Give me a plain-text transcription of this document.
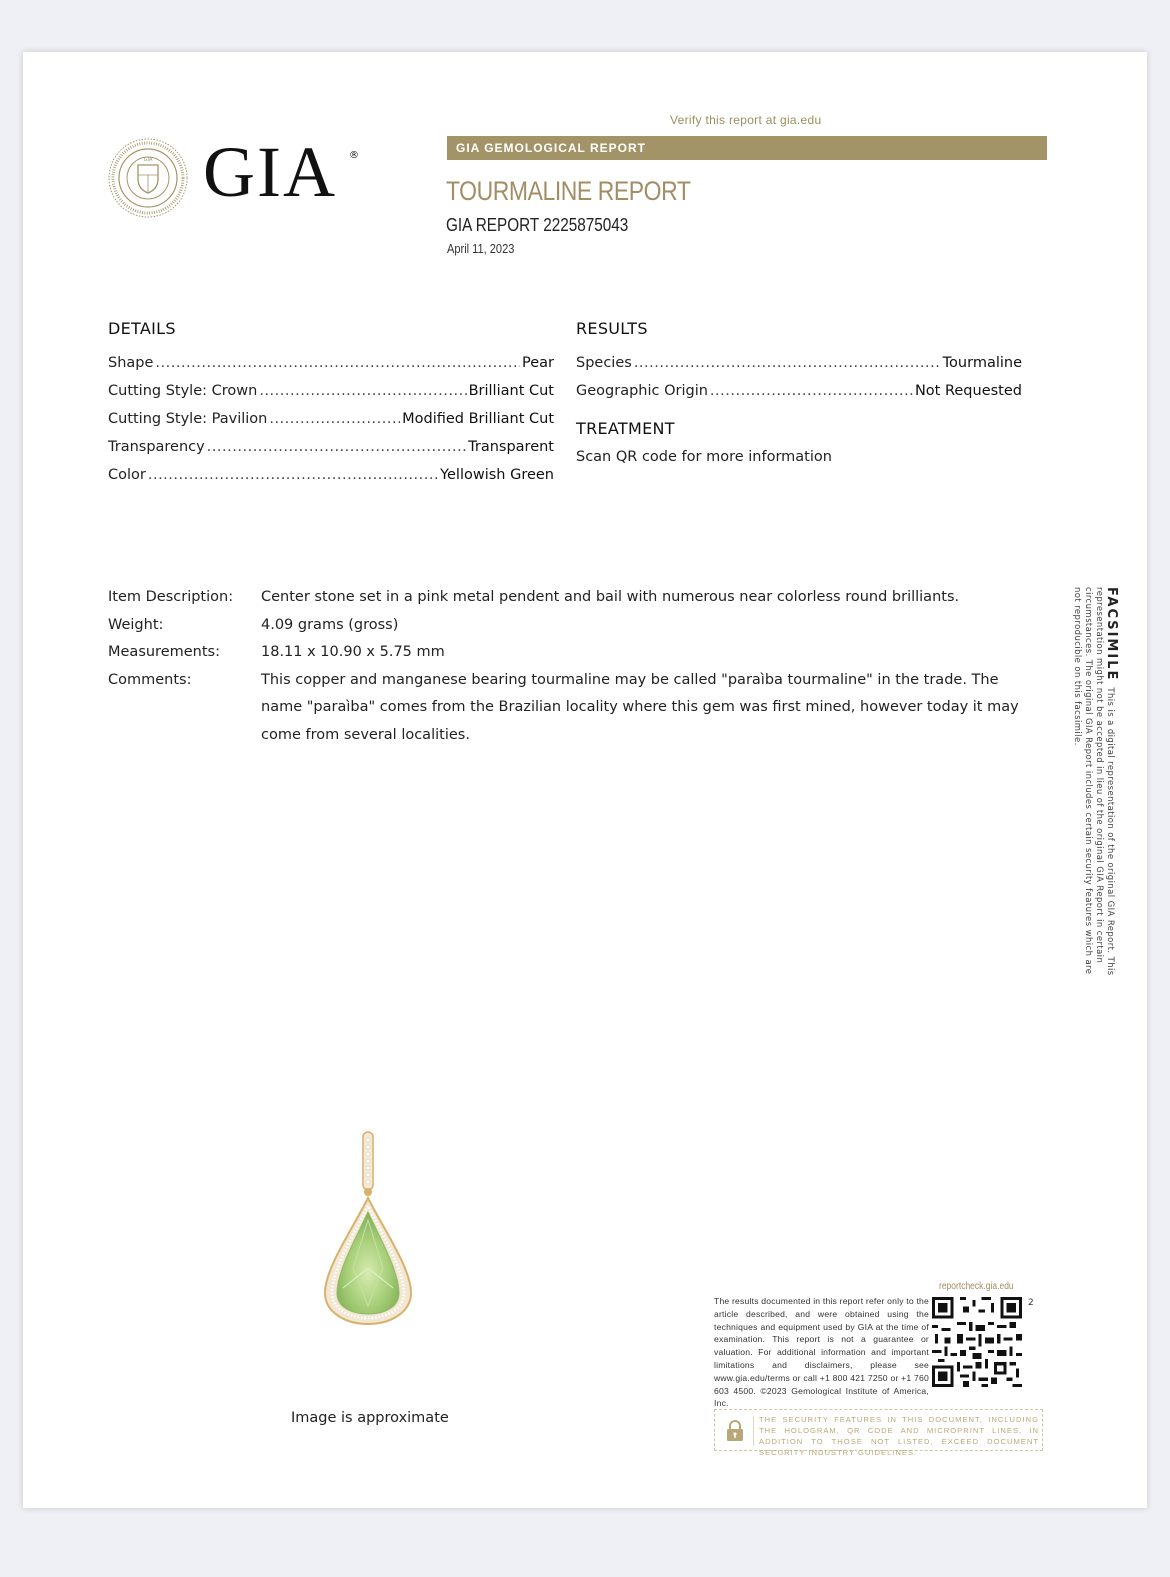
Verify this report at gia.edu
GIA GIA ®
GIA GEMOLOGICAL REPORT
TOURMALINE REPORT
GIA REPORT 2225875043
April 11, 2023
DETAILS
Shape .....	Pear
Cutting Style: Crown .....	Brilliant Cut
Cutting Style: Pavilion .....	Modified Brilliant Cut
Transparency .....	Transparent
Color .....	Yellowish Green
RESULTS
Species .....	Tourmaline
Geographic Origin .....	Not Requested
TREATMENT
Scan QR code for more information
Item Description:	Center stone set in a pink metal pendent and bail with numerous near colorless round brilliants.
Weight:	4.09 grams (gross)
Measurements:	18.11 x 10.90 x 5.75 mm
Comments:	This copper and manganese bearing tourmaline may be called "paraìba tourmaline" in the trade. The name "paraìba" comes from the Brazilian locality where this gem was first mined, however today it may come from several localities.
FACSIMILEThis is a digital representation of the original GIA Report. This representation might not be accepted in lieu of the original GIA Report in certain circumstances. The original GIA Report includes certain security features which are not reproducible on this facsimile.
Image is approximate
reportcheck.gia.edu
The results documented in this report refer only to the article described, and were obtained using the techniques and equipment used by GIA at the time of examination. This report is not a guarantee or valuation. For additional information and important limitations and disclaimers, please see www.gia.edu/terms or call +1 800 421 7250 or +1 760 603 4500. ©2023 Gemological Institute of America, Inc.
2
THE SECURITY FEATURES IN THIS DOCUMENT, INCLUDING THE HOLOGRAM, QR CODE AND MICROPRINT LINES, IN ADDITION TO THOSE NOT LISTED, EXCEED DOCUMENT SECURITY INDUSTRY GUIDELINES.
